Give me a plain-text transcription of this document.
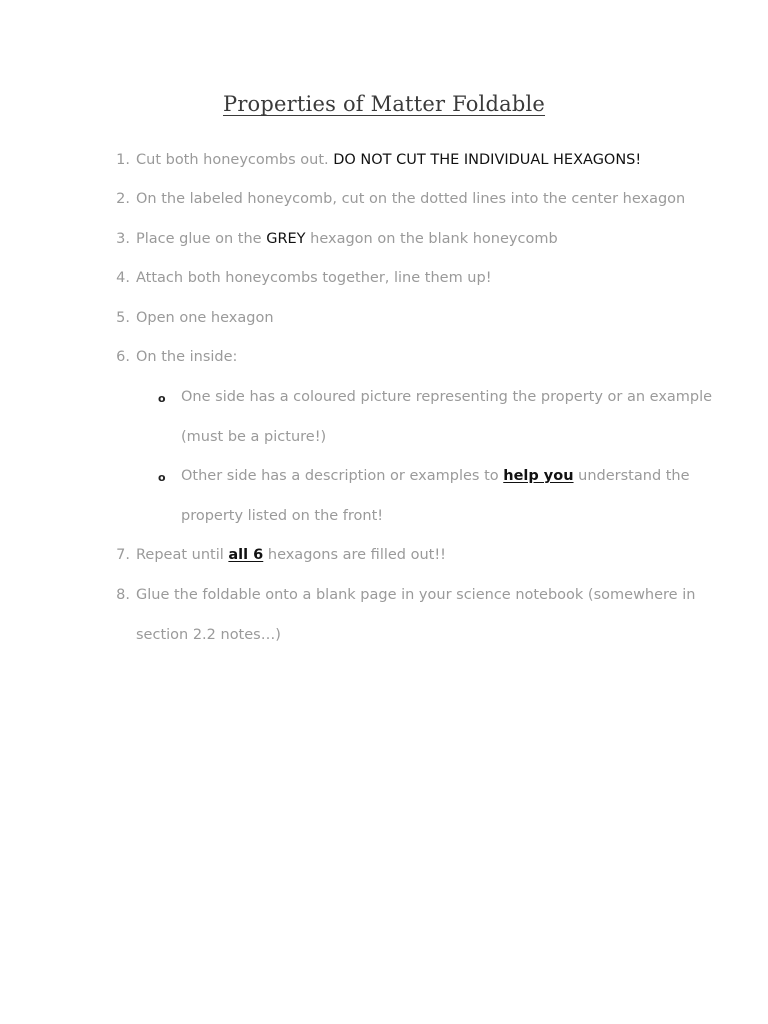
Properties of Matter Foldable
1. Cut both honeycombs out. DO NOT CUT THE INDIVIDUAL HEXAGONS!
2. On the labeled honeycomb, cut on the dotted lines into the center hexagon
3. Place glue on the GREY hexagon on the blank honeycomb
4. Attach both honeycombs together, line them up!
5. Open one hexagon
6. On the inside:
o One side has a coloured picture representing the property or an example
(must be a picture!)
o Other side has a description or examples to help you understand the
property listed on the front!
7. Repeat until all 6 hexagons are filled out!!
8. Glue the foldable onto a blank page in your science notebook (somewhere in
section 2.2 notes…)
